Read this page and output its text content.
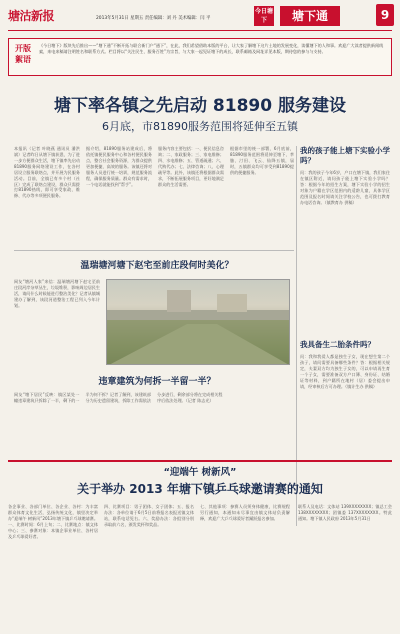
塘沽新报	2013年5月31日 星期五 责任编辑：刘 丹 美术编辑：闫 平
今日塘下	塘下通	9
开版絮语
《今日塘下》版块先后推出——“塘下通”不断开拓与联合新门户“通下”，在此，我们希望借助本版的平台，让大家了解塘下这片土地的发展变化，读懂塘下的人和事。欢迎广大读者提供新闻线索，来电来稿请注明姓名和联系方式。栏目将以“关注民生、服务百姓”为宗旨，与大家一起见证塘下的成长，联系邮箱及网址详见本版，期待您的参与与支持。
塘下率各镇之先启动 81890 服务建设
6月底，市81890服务范围将延伸至五镇
本报讯（记者 叶晓燕 通讯员 潘洪斌）记者昨日从塘下镇获悉，为了进一步方便群众生活，塘下镇率先启动81890服务网络建设工作，在各村居设立服务联络点，并开展为民服务活动。目前，全镇已有多个村（社区）完成了联络点建设，群众只需拨打81890热线，即可享受家政、维修、代办等多项便民服务。
据介绍，81890服务站建成后，将依托镇便民服务中心和各村便民服务点，整合社会服务资源，为群众提供更加便捷、高效的服务。该镇还将对服务人员进行统一培训，规范服务流程，确保服务质量。群众有需求时，一个电话就能找到“帮手”。
服务内容主要包括：一、便民信息咨询；二、家政服务；三、家电维修；四、水电维修；五、管道疏通；六、代购代办；七、法律咨询；八、心理疏导等。此外，该镇还将根据群众需求，不断拓展服务项目，更好地满足群众的生活需要。
根据市里的统一部署，6月底前，81890服务范围将延伸至塘下、莘塍、汀田、飞云、仙降五镇，届时，五镇群众均可享受到81890提供的便捷服务。
我的孩子能上塘下实验小学吗？
问：我的孩子今年6岁，户口在塘下镇，我们家住在镇区附近，请问孩子能上塘下实验小学吗？答：根据今年的招生方案，塘下实验小学的招生对象为户籍在学区范围内的适龄儿童，具体学区范围及报名时间请关注学校公告，也可拨打教育办电话咨询。（镇教育办 供稿）
我具备生二胎条件吗？
问：我和我爱人都是独生子女，现在想生第二个孩子，请问需要具备哪些条件？答：根据相关规定，夫妻双方均为独生子女的，可以申请再生育一个子女，需要准备双方户口簿、身份证、结婚证等材料，到户籍所在地村（居）委会提出申请，经审核后方可办理。（镇计生办 供稿）
温瑞塘河塘下赵宅至前庄段何时美化？
网友“塘河人家”来信：温瑞塘河塘下赵宅至前庄段河岸杂草丛生，垃圾堆积，影响周边居民生活，请问什么时候能进行整治美化？记者从镇城建办了解到，该段河道整治工程已列入今年计划。
违章建筑为何拆一半留一半？
网友“塘下居民”反映：镇区某处一幢违章建筑只拆除了一半，剩下的一半为何不拆？记者了解到，该建筑部分为历史遗留建筑，拆除工作需依法分步进行，剩余部分将在完成相关程序后依法处理。（记者 陈志光）
“迎端午 树新风”
关于举办 2013 年塘下镇乒乓球邀请赛的通知
各企事业、各部门单位、各企业、各村：为丰富群众体育文化生活，弘扬传统文化，镇里决定举办“迎端午 树新风”2013年塘下镇乒乓球邀请赛。一、比赛时间：6月上旬；二、比赛地点：镇文体中心；三、参赛对象：本镇企事业单位、各村居及乒乓球爱好者。
四、比赛项目：男子团体、女子团体；五、报名办法：各单位请于6月5日前将报名表报送镇文体站，联系电话见右。六、奖励办法：各组别分别录取前六名，颁发奖杯和奖品。
七、其他事项：参赛人员须身体健康，比赛规程另行通知，本通知未尽事宜由镇文体站负责解释，欢迎广大乒乓球爱好者踊跃报名参加。
联系人及电话：文体站 139XXXXXXXX；镇总工会 138XXXXXXXX；团镇委 137XXXXXXXX。特此通知。塘下镇人民政府 2013年5月31日
